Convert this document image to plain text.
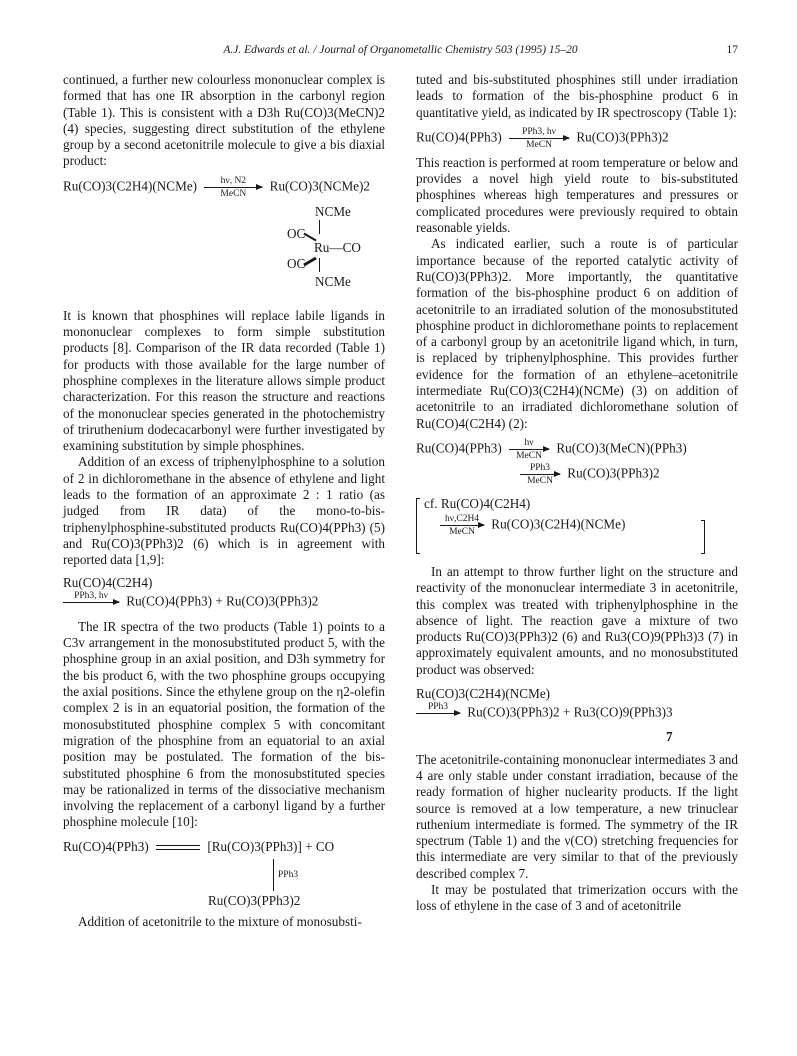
A.J. Edwards et al. / Journal of Organometallic Chemistry 503 (1995) 15–20	17

continued, a further new colourless mononuclear complex is formed that has one IR absorption in the carbonyl region (Table 1). This is consistent with a D3h Ru(CO)3(MeCN)2 (4) species, suggesting direct substitution of the ethylene group by a second acetonitrile molecule to give a bis diaxial product:

Ru(CO)3(C2H4)(NCMe) hν, N2
MeCN Ru(CO)3(NCMe)2
NCMe
OC
Ru—CO
OC
NCMe

It is known that phosphines will replace labile ligands in mononuclear complexes to form simple substitution products [8]. Comparison of the IR data recorded (Table 1) for products with those available for the large number of phosphine complexes in the literature allows simple product characterization. For this reason the structure and reactions of the mononuclear species generated in the photochemistry of triruthenium dodecacarbonyl were further investigated by examining substitution by simple phosphines.

Addition of an excess of triphenylphosphine to a solution of 2 in dichloromethane in the absence of ethylene and light leads to the formation of an approximate 2 : 1 ratio (as judged from IR data) of the mono-to-bis-triphenylphosphine-substituted products Ru(CO)4(PPh3) (5) and Ru(CO)3(PPh3)2 (6) which is in agreement with reported data [1,9]:

Ru(CO)4(C2H4)
PPh3, hν Ru(CO)4(PPh3) + Ru(CO)3(PPh3)2

The IR spectra of the two products (Table 1) points to a C3v arrangement in the monosubstituted product 5, with the phosphine group in an axial position, and D3h symmetry for the bis product 6, with the two phosphine groups occupying the axial positions. Since the ethylene group on the η2-olefin complex 2 is in an equatorial position, the formation of the monosubstituted phosphine complex 5 with concomitant migration of the phosphine from an equatorial to an axial position may be postulated. The formation of the bis-substituted phosphine 6 from the monosubstituted species may be rationalized in terms of the dissociative mechanism involving the replacement of a carbonyl ligand by a further phosphine molecule [10]:

Ru(CO)4(PPh3)	[Ru(CO)3(PPh3)] + CO
PPh3
Ru(CO)3(PPh3)2

Addition of acetonitrile to the mixture of monosubsti-

tuted and bis-substituted phosphines still under irradiation leads to formation of the bis-phosphine product 6 in quantitative yield, as indicated by IR spectroscopy (Table 1):

Ru(CO)4(PPh3) PPh3, hν
MeCN Ru(CO)3(PPh3)2

This reaction is performed at room temperature or below and provides a novel high yield route to bis-substituted phosphines whereas high temperatures and pressures or complicated procedures were previously required to obtain reasonable yields.

As indicated earlier, such a route is of particular importance because of the reported catalytic activity of Ru(CO)3(PPh3)2. More importantly, the quantitative formation of the bis-phosphine product 6 on addition of acetonitrile to an irradiated solution of the monosubstituted phosphine product in dichloromethane points to replacement of a carbonyl group by an acetonitrile ligand which, in turn, is replaced by triphenylphosphine. This provides further evidence for the formation of an ethylene–acetonitrile intermediate Ru(CO)3(C2H4)(NCMe) (3) on addition of acetonitrile to an irradiated dichloromethane solution of Ru(CO)4(C2H4) (2):

Ru(CO)4(PPh3) hν
MeCN Ru(CO)3(MeCN)(PPh3)
PPh3
MeCN Ru(CO)3(PPh3)2
cf. Ru(CO)4(C2H4)
hν,C2H4
MeCN Ru(CO)3(C2H4)(NCMe)

In an attempt to throw further light on the structure and reactivity of the mononuclear intermediate 3 in acetonitrile, this complex was treated with triphenylphosphine in the absence of light. The reaction gave a mixture of two products Ru(CO)3(PPh3)2 (6) and Ru3(CO)9(PPh3)3 (7) in approximately equivalent amounts, and no monosubstituted product was observed:

Ru(CO)3(C2H4)(NCMe)
PPh3 Ru(CO)3(PPh3)2 + Ru3(CO)9(PPh3)3
7

The acetonitrile-containing mononuclear intermediates 3 and 4 are only stable under constant irradiation, because of the ready formation of higher nuclearity products. If the light source is removed at a low temperature, a new trinuclear ruthenium intermediate is formed. The symmetry of the IR spectrum (Table 1) and the ν(CO) stretching frequencies for this intermediate are very similar to that of the previously described complex 7.

It may be postulated that trimerization occurs with the loss of ethylene in the case of 3 and of acetonitrile
